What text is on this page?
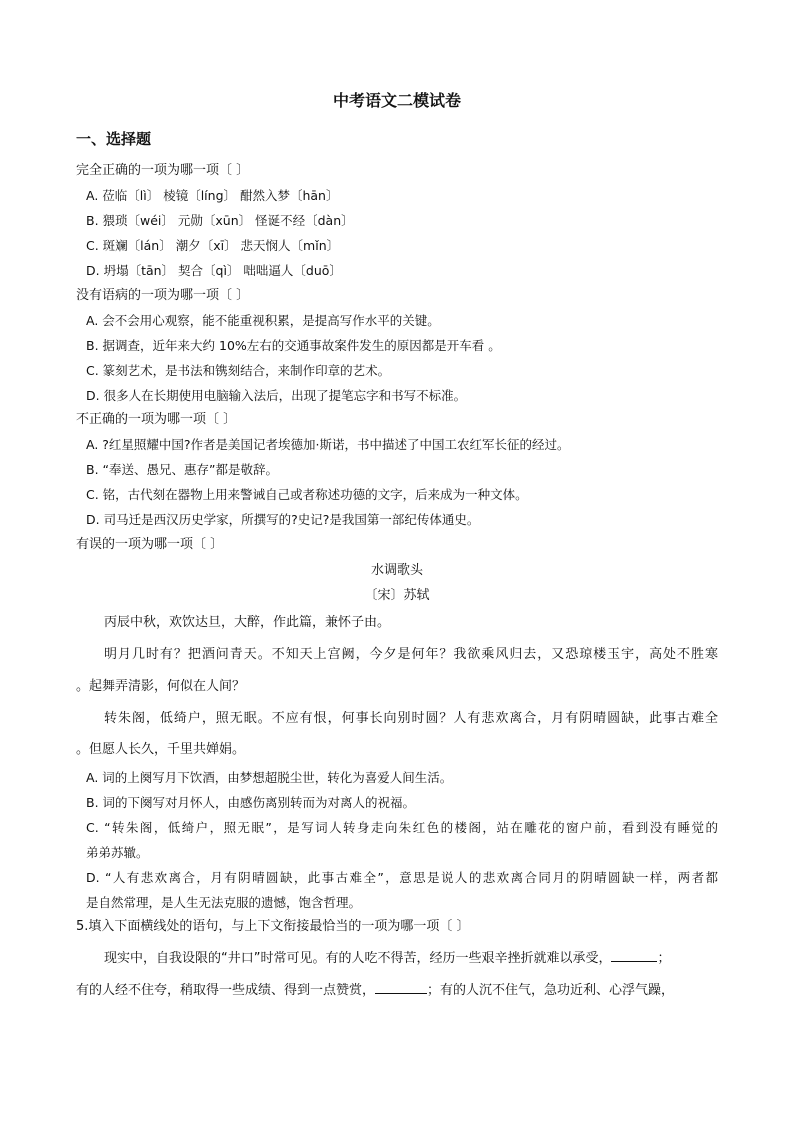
中考语文二模试卷
一、选择题
完全正确的一项为哪一项〔 〕
A. 莅临〔lì〕 棱镜〔líng〕 酣然入梦〔hān〕
B. 猥琐〔wéi〕 元勋〔xūn〕 怪诞不经〔dàn〕
C. 斑斓〔lán〕 潮夕〔xī〕 悲天悯人〔mǐn〕
D. 坍塌〔tān〕 契合〔qì〕 咄咄逼人〔duō〕
没有语病的一项为哪一项〔 〕
A. 会不会用心观察，能不能重视积累，是提高写作水平的关键。
B. 据调查，近年来大约 10%左右的交通事故案件发生的原因都是开车看 。
C. 篆刻艺术，是书法和镌刻结合，来制作印章的艺术。
D. 很多人在长期使用电脑输入法后，出现了提笔忘字和书写不标准。
不正确的一项为哪一项〔 〕
A. ?红星照耀中国?作者是美国记者埃德加·斯诺，书中描述了中国工农红军长征的经过。
B. “奉送、愚兄、惠存”都是敬辞。
C. 铭，古代刻在器物上用来警诫自己或者称述功德的文字，后来成为一种文体。
D. 司马迁是西汉历史学家，所撰写的?史记?是我国第一部纪传体通史。
有误的一项为哪一项〔 〕
水调歌头
〔宋〕苏轼
丙辰中秋，欢饮达旦，大醉，作此篇，兼怀子由。
明月几时有？把酒问青天。不知天上宫阙，今夕是何年？我欲乘风归去，又恐琼楼玉宇，高处不胜寒
。起舞弄清影，何似在人间？
转朱阁，低绮户，照无眠。不应有恨，何事长向别时圆？人有悲欢离合，月有阴晴圆缺，此事古难全
。但愿人长久，千里共婵娟。
A. 词的上阕写月下饮酒，由梦想超脱尘世，转化为喜爱人间生活。
B. 词的下阕写对月怀人，由感伤离别转而为对离人的祝福。
C. “转朱阁，低绮户，照无眠”，是写词人转身走向朱红色的楼阁，站在雕花的窗户前，看到没有睡觉的
弟弟苏辙。
D. “人有悲欢离合，月有阴晴圆缺，此事古难全”，意思是说人的悲欢离合同月的阴晴圆缺一样，两者都
是自然常理，是人生无法克服的遗憾，饱含哲理。
5.填入下面横线处的语句，与上下文衔接最恰当的一项为哪一项〔 〕
现实中，自我设限的“井口”时常可见。有的人吃不得苦，经历一些艰辛挫折就难以承受，	；
有的人经不住夸，稍取得一些成绩、得到一点赞赏，	；有的人沉不住气，急功近利、心浮气躁，
